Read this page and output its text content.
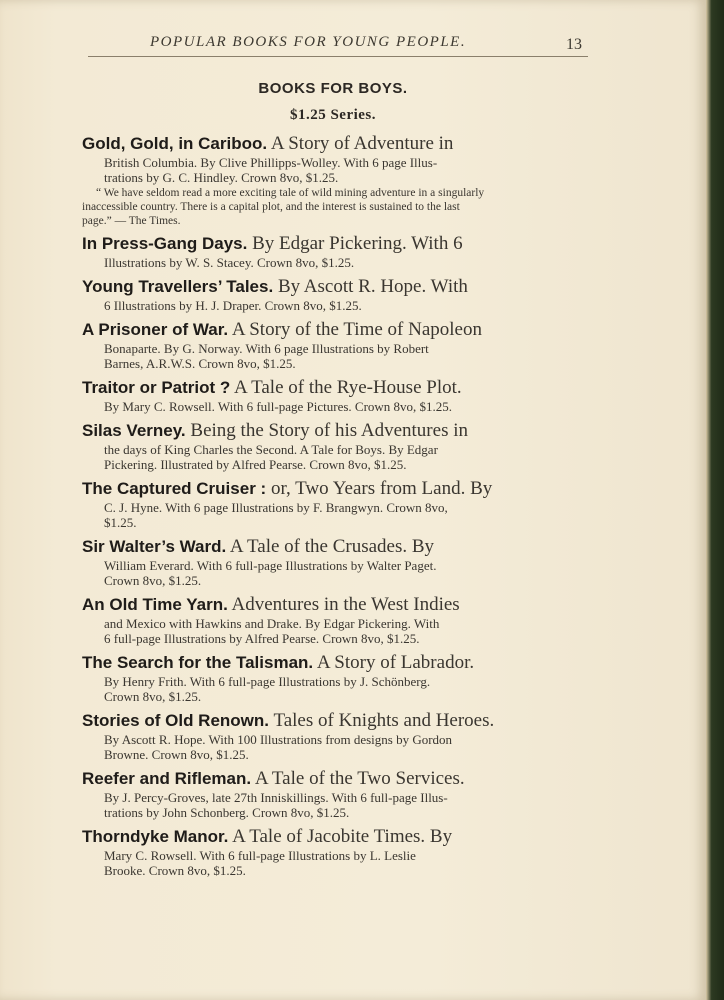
POPULAR BOOKS FOR YOUNG PEOPLE.	13
BOOKS FOR BOYS.
$1.25 Series.
Gold, Gold, in Cariboo. A Story of Adventure in
British Columbia. By Clive Phillipps-Wolley. With 6 page Illus-
trations by G. C. Hindley. Crown 8vo, $1.25.
“ We have seldom read a more exciting tale of wild mining adventure in a singularly
inaccessible country. There is a capital plot, and the interest is sustained to the last
page.” — The Times.
In Press-Gang Days. By Edgar Pickering. With 6
Illustrations by W. S. Stacey. Crown 8vo, $1.25.
Young Travellers’ Tales. By Ascott R. Hope. With
6 Illustrations by H. J. Draper. Crown 8vo, $1.25.
A Prisoner of War. A Story of the Time of Napoleon
Bonaparte. By G. Norway. With 6 page Illustrations by Robert
Barnes, A.R.W.S. Crown 8vo, $1.25.
Traitor or Patriot ? A Tale of the Rye-House Plot.
By Mary C. Rowsell. With 6 full-page Pictures. Crown 8vo, $1.25.
Silas Verney. Being the Story of his Adventures in
the days of King Charles the Second. A Tale for Boys. By Edgar
Pickering. Illustrated by Alfred Pearse. Crown 8vo, $1.25.
The Captured Cruiser : or, Two Years from Land. By
C. J. Hyne. With 6 page Illustrations by F. Brangwyn. Crown 8vo,
$1.25.
Sir Walter’s Ward. A Tale of the Crusades. By
William Everard. With 6 full-page Illustrations by Walter Paget.
Crown 8vo, $1.25.
An Old Time Yarn. Adventures in the West Indies
and Mexico with Hawkins and Drake. By Edgar Pickering. With
6 full-page Illustrations by Alfred Pearse. Crown 8vo, $1.25.
The Search for the Talisman. A Story of Labrador.
By Henry Frith. With 6 full-page Illustrations by J. Schönberg.
Crown 8vo, $1.25.
Stories of Old Renown. Tales of Knights and Heroes.
By Ascott R. Hope. With 100 Illustrations from designs by Gordon
Browne. Crown 8vo, $1.25.
Reefer and Rifleman. A Tale of the Two Services.
By J. Percy-Groves, late 27th Inniskillings. With 6 full-page Illus-
trations by John Schonberg. Crown 8vo, $1.25.
Thorndyke Manor. A Tale of Jacobite Times. By
Mary C. Rowsell. With 6 full-page Illustrations by L. Leslie
Brooke. Crown 8vo, $1.25.
